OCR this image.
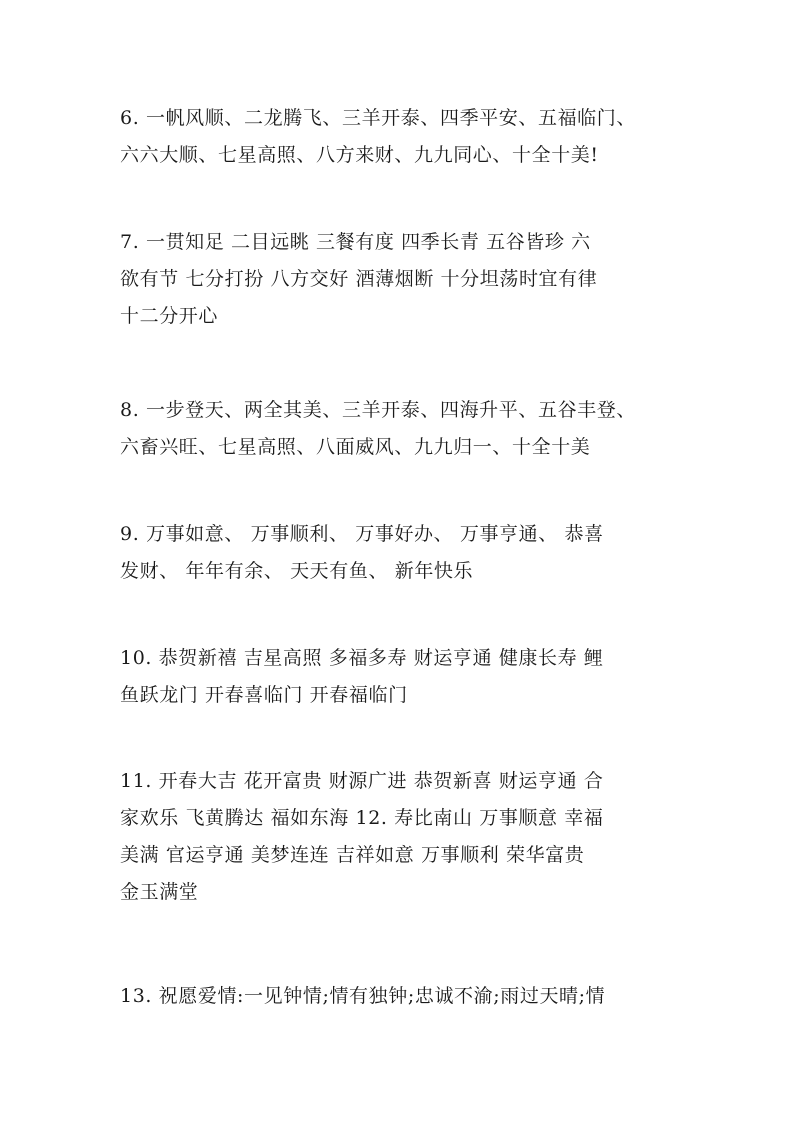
6. 一帆风顺、二龙腾飞、三羊开泰、四季平安、五福临门、
六六大顺、七星高照、八方来财、九九同心、十全十美!
7. 一贯知足 二目远眺 三餐有度 四季长青 五谷皆珍 六
欲有节 七分打扮 八方交好 酒薄烟断 十分坦荡时宜有律
十二分开心
8. 一步登天、两全其美、三羊开泰、四海升平、五谷丰登、
六畜兴旺、七星高照、八面威风、九九归一、十全十美
9. 万事如意、 万事顺利、 万事好办、 万事亨通、 恭喜
发财、 年年有余、 天天有鱼、 新年快乐
10. 恭贺新禧 吉星高照 多福多寿 财运亨通 健康长寿 鲤
鱼跃龙门 开春喜临门 开春福临门
11. 开春大吉 花开富贵 财源广进 恭贺新喜 财运亨通 合
家欢乐 飞黄腾达 福如东海 12. 寿比南山 万事顺意 幸福
美满 官运亨通 美梦连连 吉祥如意 万事顺利 荣华富贵
金玉满堂
13. 祝愿爱情:一见钟情;情有独钟;忠诚不渝;雨过天晴;情
